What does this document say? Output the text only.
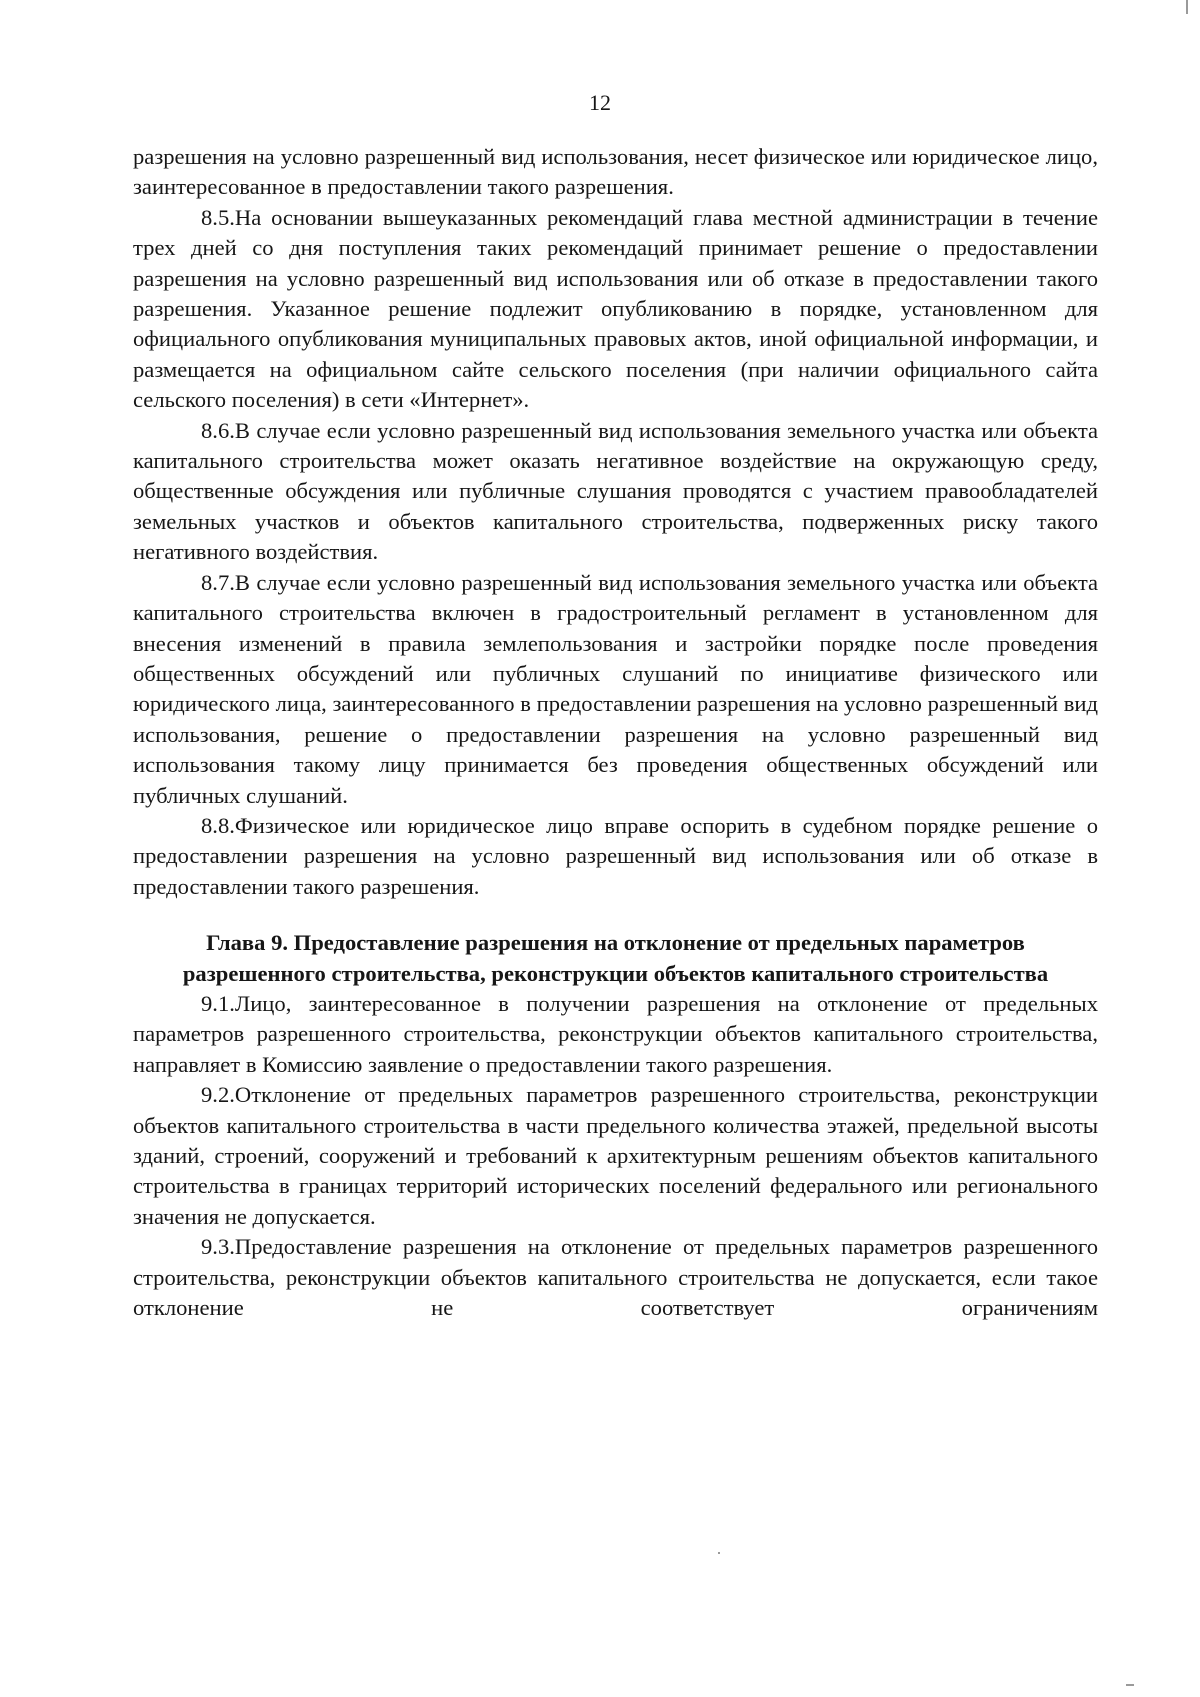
12

разрешения на условно разрешенный вид использования, несет физическое или юридическое лицо, заинтересованное в предоставлении такого разрешения.

8.5.На основании вышеуказанных рекомендаций глава местной администрации в течение трех дней со дня поступления таких рекомендаций принимает решение о предоставлении разрешения на условно разрешенный вид использования или об отказе в предоставлении такого разрешения. Указанное решение подлежит опубликованию в порядке, установленном для официального опубликования муниципальных правовых актов, иной официальной информации, и размещается на официальном сайте сельского поселения (при наличии официального сайта сельского поселения) в сети «Интернет».

8.6.В случае если условно разрешенный вид использования земельного участка или объекта капитального строительства может оказать негативное воздействие на окружающую среду, общественные обсуждения или публичные слушания проводятся с участием правообладателей земельных участков и объектов капитального строительства, подверженных риску такого негативного воздействия.

8.7.В случае если условно разрешенный вид использования земельного участка или объекта капитального строительства включен в градостроительный регламент в установленном для внесения изменений в правила землепользования и застройки порядке после проведения общественных обсуждений или публичных слушаний по инициативе физического или юридического лица, заинтересованного в предоставлении разрешения на условно разрешенный вид использования, решение о предоставлении разрешения на условно разрешенный вид использования такому лицу принимается без проведения общественных обсуждений или публичных слушаний.

8.8.Физическое или юридическое лицо вправе оспорить в судебном порядке решение о предоставлении разрешения на условно разрешенный вид использования или об отказе в предоставлении такого разрешения.

Глава 9. Предоставление разрешения на отклонение от предельных параметров разрешенного строительства, реконструкции объектов капитального строительства

9.1.Лицо, заинтересованное в получении разрешения на отклонение от предельных параметров разрешенного строительства, реконструкции объектов капитального строительства, направляет в Комиссию заявление о предоставлении такого разрешения.

9.2.Отклонение от предельных параметров разрешенного строительства, реконструкции объектов капитального строительства в части предельного количества этажей, предельной высоты зданий, строений, сооружений и требований к архитектурным решениям объектов капитального строительства в границах территорий исторических поселений федерального или регионального значения не допускается.

9.3.Предоставление разрешения на отклонение от предельных параметров разрешенного строительства, реконструкции объектов капитального строительства не допускается, если такое отклонение не соответствует ограничениям
